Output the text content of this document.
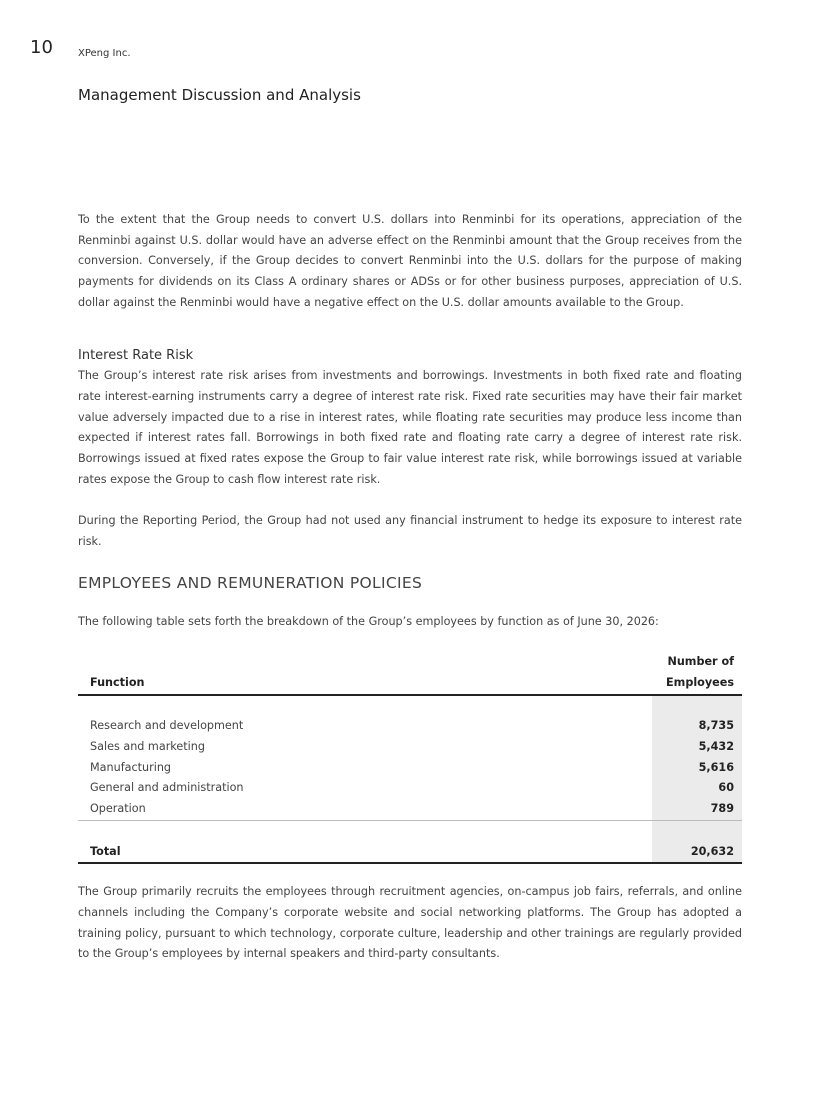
10	XPeng Inc.
Management Discussion and Analysis

To the extent that the Group needs to convert U.S. dollars into Renminbi for its operations, appreciation of the Renminbi against U.S. dollar would have an adverse effect on the Renminbi amount that the Group receives from the conversion. Conversely, if the Group decides to convert Renminbi into the U.S. dollars for the purpose of making payments for dividends on its Class A ordinary shares or ADSs or for other business purposes, appreciation of U.S. dollar against the Renminbi would have a negative effect on the U.S. dollar amounts available to the Group.

Interest Rate Risk

The Group’s interest rate risk arises from investments and borrowings. Investments in both fixed rate and floating rate interest-earning instruments carry a degree of interest rate risk. Fixed rate securities may have their fair market value adversely impacted due to a rise in interest rates, while floating rate securities may produce less income than expected if interest rates fall. Borrowings in both fixed rate and floating rate carry a degree of interest rate risk. Borrowings issued at fixed rates expose the Group to fair value interest rate risk, while borrowings issued at variable rates expose the Group to cash flow interest rate risk.

During the Reporting Period, the Group had not used any financial instrument to hedge its exposure to interest rate risk.

EMPLOYEES AND REMUNERATION POLICIES

The following table sets forth the breakdown of the Group’s employees by function as of June 30, 2026:

	Number of
Function	Employees

Research and development	8,735
Sales and marketing	5,432
Manufacturing	5,616
General and administration	60
Operation	789

Total	20,632

The Group primarily recruits the employees through recruitment agencies, on-campus job fairs, referrals, and online channels including the Company’s corporate website and social networking platforms. The Group has adopted a training policy, pursuant to which technology, corporate culture, leadership and other trainings are regularly provided to the Group’s employees by internal speakers and third-party consultants.
